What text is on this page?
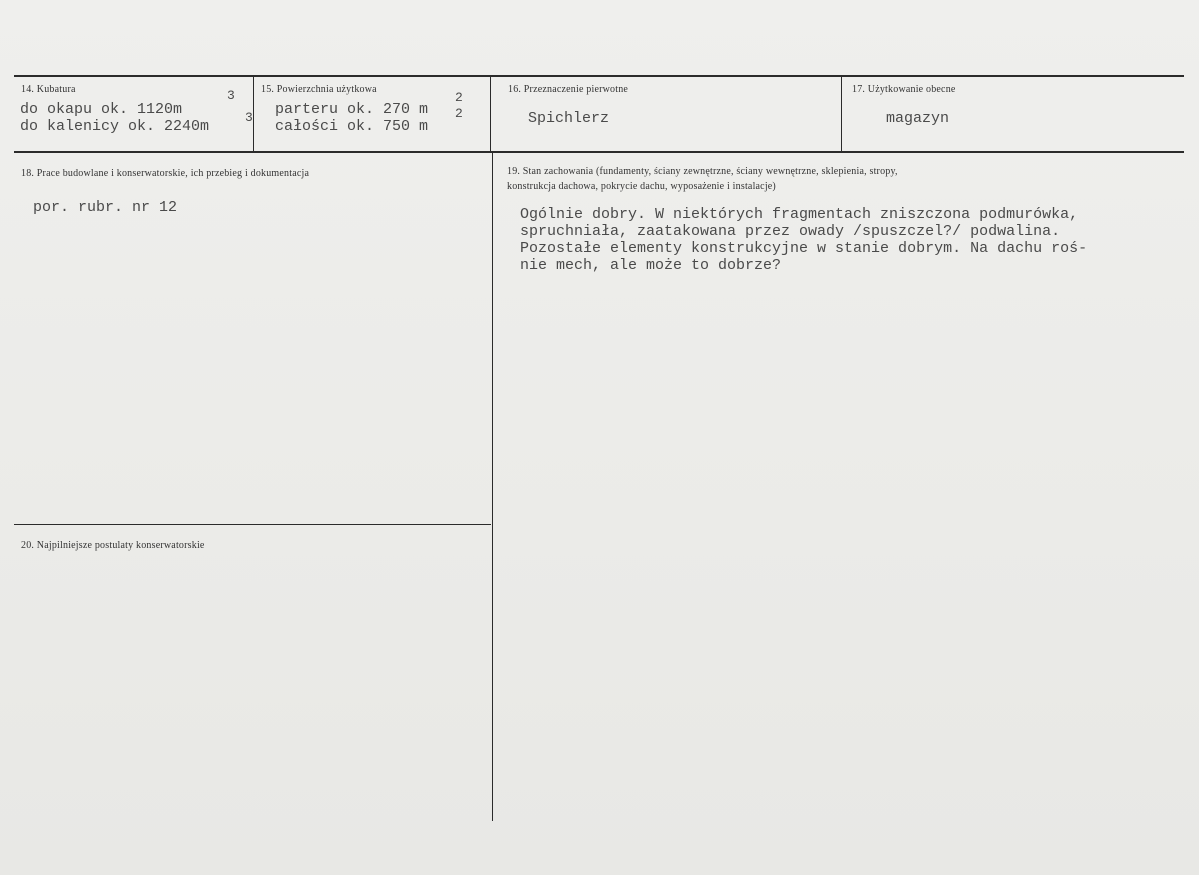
14. Kubatura
do okapu ok. 1120m
3
do kalenicy ok. 2240m
3
15. Powierzchnia użytkowa
parteru ok. 270 m
2
całości ok. 750 m
2
16. Przeznaczenie pierwotne
Spichlerz
17. Użytkowanie obecne
magazyn
18. Prace budowlane i konserwatorskie, ich przebieg i dokumentacja
por. rubr. nr 12
19. Stan zachowania (fundamenty, ściany zewnętrzne, ściany wewnętrzne, sklepienia, stropy,
konstrukcja dachowa, pokrycie dachu, wyposażenie i instalacje)
Ogólnie dobry. W niektórych fragmentach zniszczona podmurówka,
spruchniała, zaatakowana przez owady /spuszczel?/ podwalina.
Pozostałe elementy konstrukcyjne w stanie dobrym. Na dachu roś-
nie mech, ale może to dobrze?
20. Najpilniejsze postulaty konserwatorskie
